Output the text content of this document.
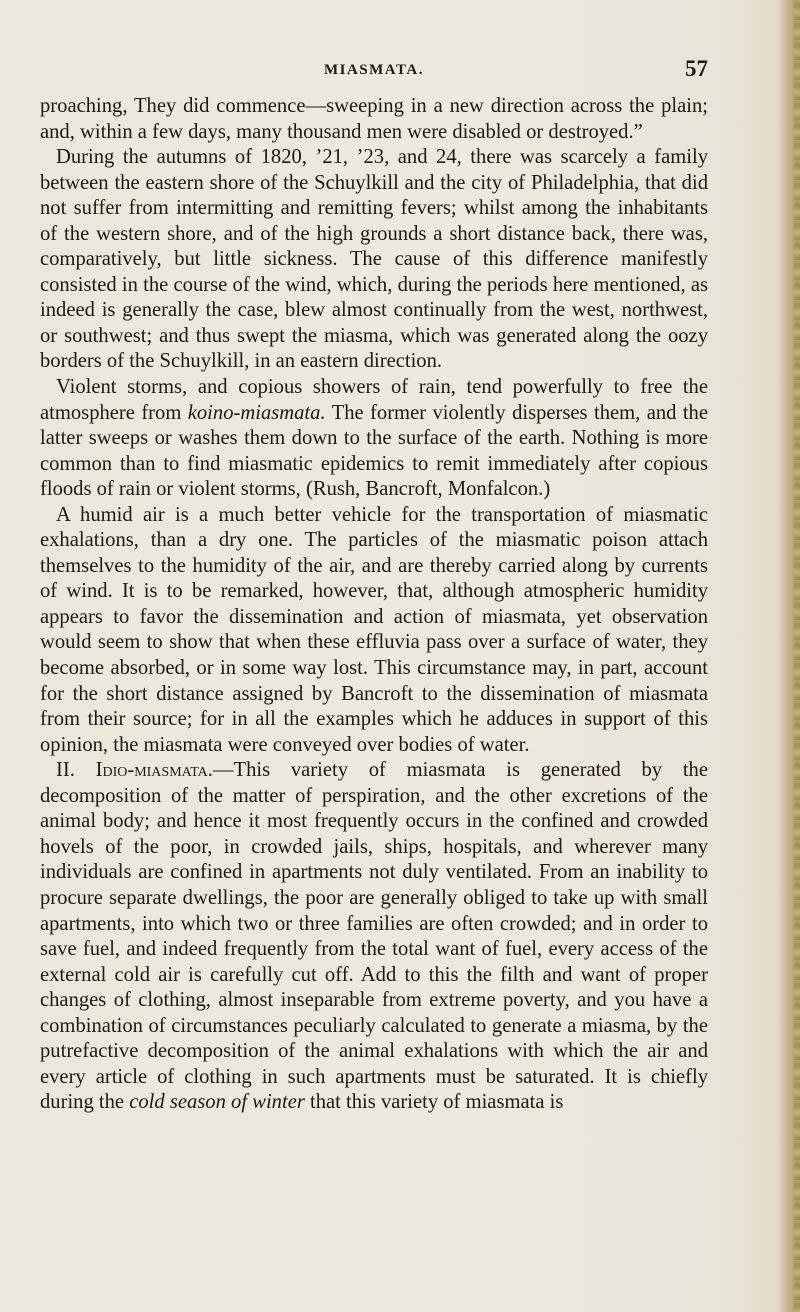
MIASMATA.	57

proaching, They did commence—sweeping in a new direction across the plain; and, within a few days, many thousand men were disabled or destroyed.”

During the autumns of 1820, ’21, ’23, and 24, there was scarcely a family between the eastern shore of the Schuylkill and the city of Philadelphia, that did not suffer from intermitting and remitting fevers; whilst among the inhabitants of the western shore, and of the high grounds a short distance back, there was, comparatively, but little sickness. The cause of this difference manifestly consisted in the course of the wind, which, during the periods here mentioned, as indeed is generally the case, blew almost continually from the west, northwest, or southwest; and thus swept the miasma, which was generated along the oozy borders of the Schuylkill, in an eastern direction.

Violent storms, and copious showers of rain, tend powerfully to free the atmosphere from koino-miasmata. The former violently disperses them, and the latter sweeps or washes them down to the surface of the earth. Nothing is more common than to find miasmatic epidemics to remit immediately after copious floods of rain or violent storms, (Rush, Bancroft, Monfalcon.)

A humid air is a much better vehicle for the transportation of miasmatic exhalations, than a dry one. The particles of the miasmatic poison attach themselves to the humidity of the air, and are thereby carried along by currents of wind. It is to be remarked, however, that, although atmospheric humidity appears to favor the dissemination and action of miasmata, yet observation would seem to show that when these effluvia pass over a surface of water, they become absorbed, or in some way lost. This circumstance may, in part, account for the short distance assigned by Bancroft to the dissemination of miasmata from their source; for in all the examples which he adduces in support of this opinion, the miasmata were conveyed over bodies of water.

II. Idio-miasmata.—This variety of miasmata is generated by the decomposition of the matter of perspiration, and the other excretions of the animal body; and hence it most frequently occurs in the confined and crowded hovels of the poor, in crowded jails, ships, hospitals, and wherever many individuals are confined in apartments not duly ventilated. From an inability to procure separate dwellings, the poor are generally obliged to take up with small apartments, into which two or three families are often crowded; and in order to save fuel, and indeed frequently from the total want of fuel, every access of the external cold air is carefully cut off. Add to this the filth and want of proper changes of clothing, almost inseparable from extreme poverty, and you have a combination of circumstances peculiarly calculated to generate a miasma, by the putrefactive decomposition of the animal exhalations with which the air and every article of clothing in such apartments must be saturated. It is chiefly during the cold season of winter that this variety of miasmata is
